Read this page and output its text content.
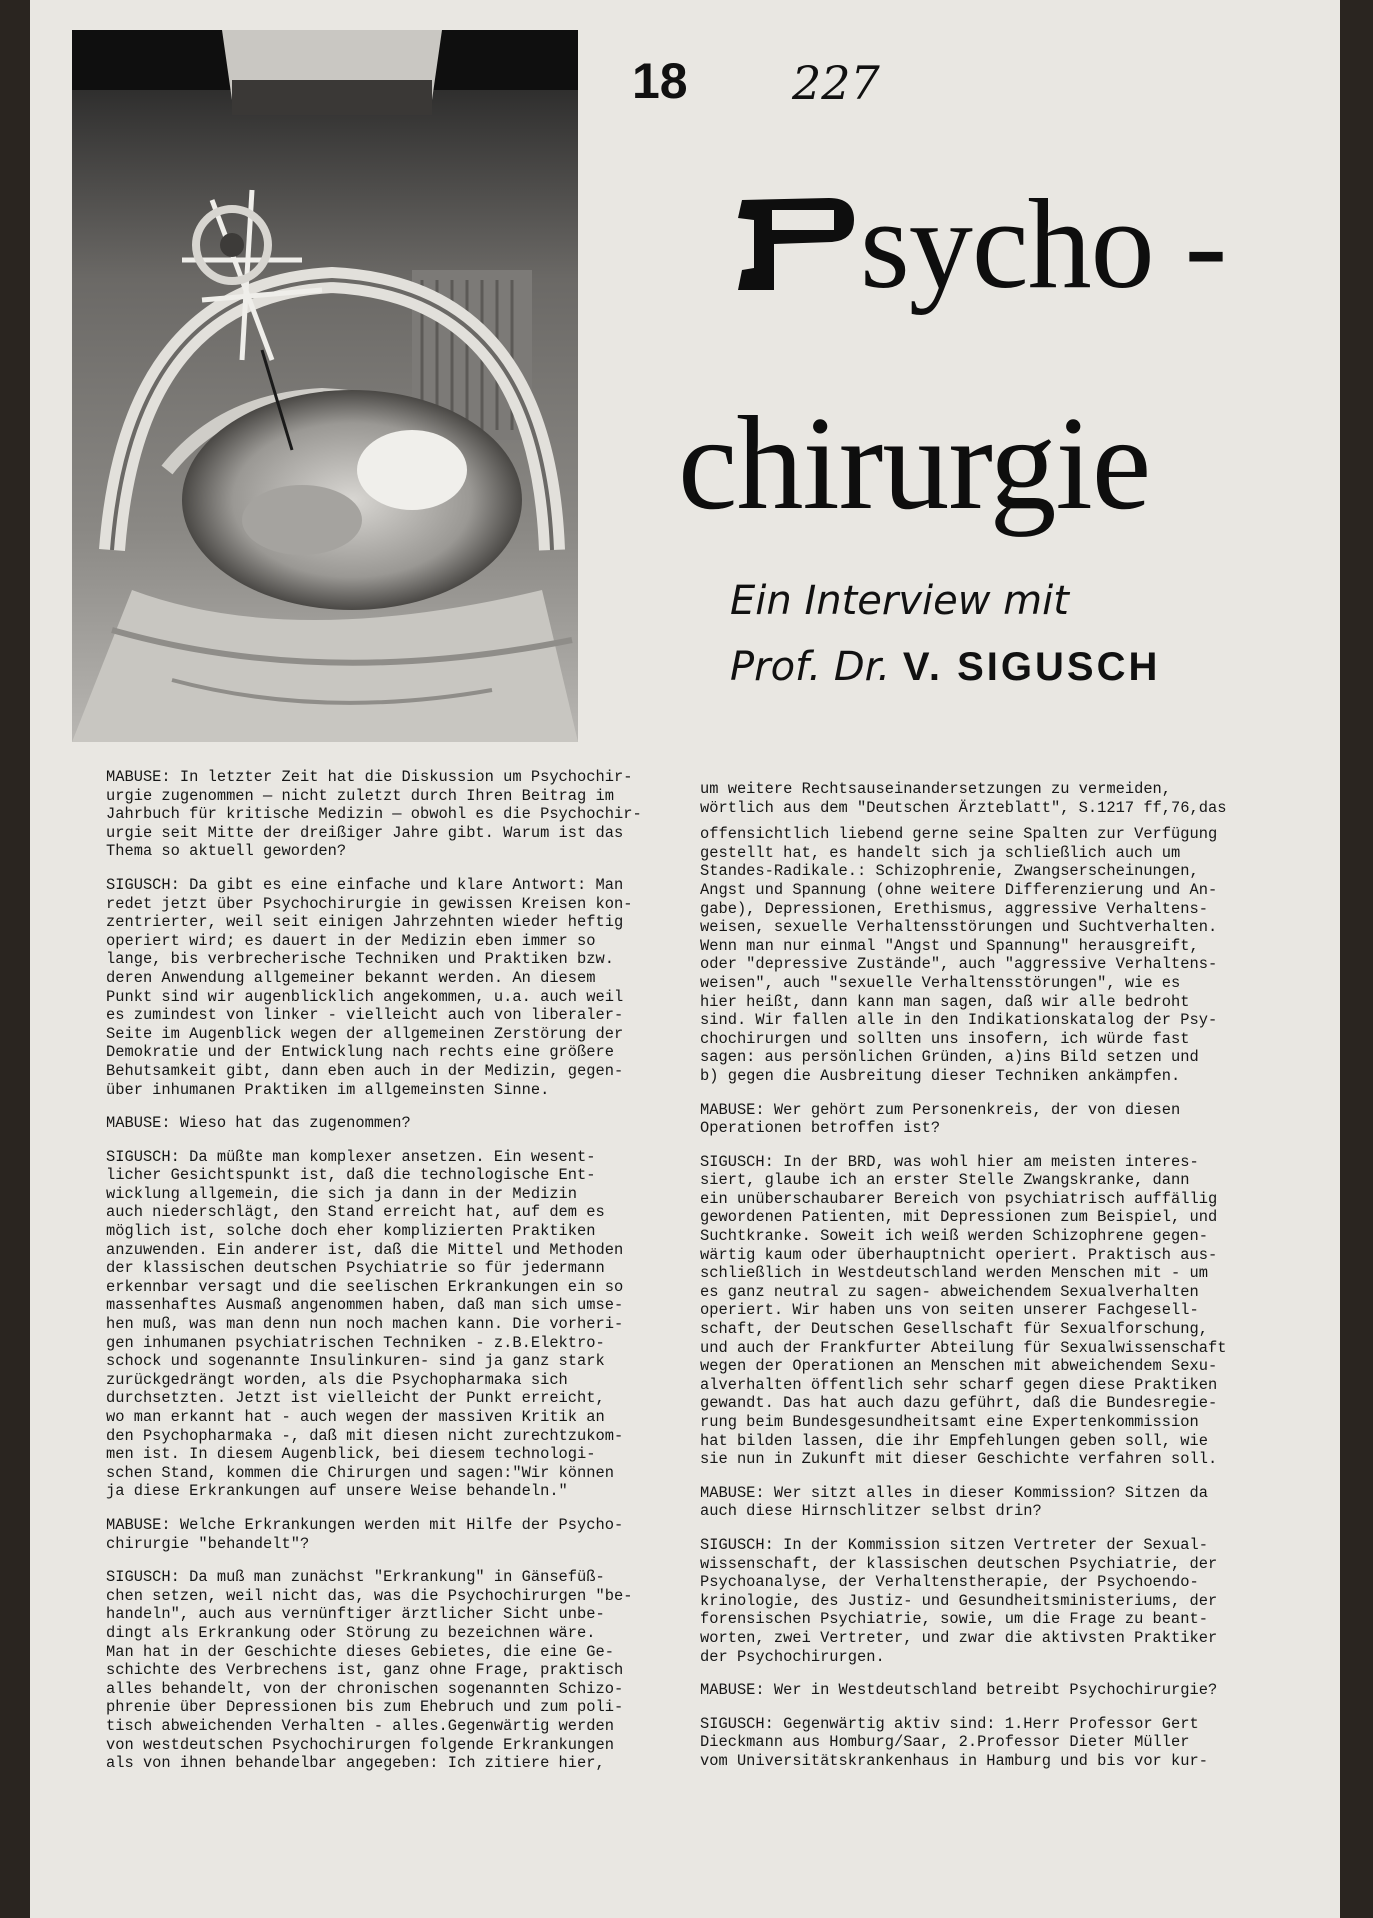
18 227
sycho -
chirurgie
Ein Interview mit
Prof. Dr. V. SIGUSCH

MABUSE: In letzter Zeit hat die Diskussion um Psychochir-
urgie zugenommen — nicht zuletzt durch Ihren Beitrag im
Jahrbuch für kritische Medizin — obwohl es die Psychochir-
urgie seit Mitte der dreißiger Jahre gibt. Warum ist das
Thema so aktuell geworden?

SIGUSCH: Da gibt es eine einfache und klare Antwort: Man
redet jetzt über Psychochirurgie in gewissen Kreisen kon-
zentrierter, weil seit einigen Jahrzehnten wieder heftig
operiert wird; es dauert in der Medizin eben immer so
lange, bis verbrecherische Techniken und Praktiken bzw.
deren Anwendung allgemeiner bekannt werden. An diesem
Punkt sind wir augenblicklich angekommen, u.a. auch weil
es zumindest von linker - vielleicht auch von liberaler-
Seite im Augenblick wegen der allgemeinen Zerstörung der
Demokratie und der Entwicklung nach rechts eine größere
Behutsamkeit gibt, dann eben auch in der Medizin, gegen-
über inhumanen Praktiken im allgemeinsten Sinne.

MABUSE: Wieso hat das zugenommen?

SIGUSCH: Da müßte man komplexer ansetzen. Ein wesent-
licher Gesichtspunkt ist, daß die technologische Ent-
wicklung allgemein, die sich ja dann in der Medizin
auch niederschlägt, den Stand erreicht hat, auf dem es
möglich ist, solche doch eher komplizierten Praktiken
anzuwenden. Ein anderer ist, daß die Mittel und Methoden
der klassischen deutschen Psychiatrie so für jedermann
erkennbar versagt und die seelischen Erkrankungen ein so
massenhaftes Ausmaß angenommen haben, daß man sich umse-
hen muß, was man denn nun noch machen kann. Die vorheri-
gen inhumanen psychiatrischen Techniken - z.B.Elektro-
schock und sogenannte Insulinkuren- sind ja ganz stark
zurückgedrängt worden, als die Psychopharmaka sich
durchsetzten. Jetzt ist vielleicht der Punkt erreicht,
wo man erkannt hat - auch wegen der massiven Kritik an
den Psychopharmaka -, daß mit diesen nicht zurechtzukom-
men ist. In diesem Augenblick, bei diesem technologi-
schen Stand, kommen die Chirurgen und sagen:"Wir können
ja diese Erkrankungen auf unsere Weise behandeln."

MABUSE: Welche Erkrankungen werden mit Hilfe der Psycho-
chirurgie "behandelt"?

SIGUSCH: Da muß man zunächst "Erkrankung" in Gänsefüß-
chen setzen, weil nicht das, was die Psychochirurgen "be-
handeln", auch aus vernünftiger ärztlicher Sicht unbe-
dingt als Erkrankung oder Störung zu bezeichnen wäre.
Man hat in der Geschichte dieses Gebietes, die eine Ge-
schichte des Verbrechens ist, ganz ohne Frage, praktisch
alles behandelt, von der chronischen sogenannten Schizo-
phrenie über Depressionen bis zum Ehebruch und zum poli-
tisch abweichenden Verhalten - alles.Gegenwärtig werden
von westdeutschen Psychochirurgen folgende Erkrankungen
als von ihnen behandelbar angegeben: Ich zitiere hier,

um weitere Rechtsauseinandersetzungen zu vermeiden,
wörtlich aus dem "Deutschen Ärzteblatt", S.1217 ff,76,das

offensichtlich liebend gerne seine Spalten zur Verfügung
gestellt hat, es handelt sich ja schließlich auch um
Standes-Radikale.: Schizophrenie, Zwangserscheinungen,
Angst und Spannung (ohne weitere Differenzierung und An-
gabe), Depressionen, Erethismus, aggressive Verhaltens-
weisen, sexuelle Verhaltensstörungen und Suchtverhalten.
Wenn man nur einmal "Angst und Spannung" herausgreift,
oder "depressive Zustände", auch "aggressive Verhaltens-
weisen", auch "sexuelle Verhaltensstörungen", wie es
hier heißt, dann kann man sagen, daß wir alle bedroht
sind. Wir fallen alle in den Indikationskatalog der Psy-
chochirurgen und sollten uns insofern, ich würde fast
sagen: aus persönlichen Gründen, a)ins Bild setzen und
b) gegen die Ausbreitung dieser Techniken ankämpfen.

MABUSE: Wer gehört zum Personenkreis, der von diesen
Operationen betroffen ist?

SIGUSCH: In der BRD, was wohl hier am meisten interes-
siert, glaube ich an erster Stelle Zwangskranke, dann
ein unüberschaubarer Bereich von psychiatrisch auffällig
gewordenen Patienten, mit Depressionen zum Beispiel, und
Suchtkranke. Soweit ich weiß werden Schizophrene gegen-
wärtig kaum oder überhauptnicht operiert. Praktisch aus-
schließlich in Westdeutschland werden Menschen mit - um
es ganz neutral zu sagen- abweichendem Sexualverhalten
operiert. Wir haben uns von seiten unserer Fachgesell-
schaft, der Deutschen Gesellschaft für Sexualforschung,
und auch der Frankfurter Abteilung für Sexualwissenschaft
wegen der Operationen an Menschen mit abweichendem Sexu-
alverhalten öffentlich sehr scharf gegen diese Praktiken
gewandt. Das hat auch dazu geführt, daß die Bundesregie-
rung beim Bundesgesundheitsamt eine Expertenkommission
hat bilden lassen, die ihr Empfehlungen geben soll, wie
sie nun in Zukunft mit dieser Geschichte verfahren soll.

MABUSE: Wer sitzt alles in dieser Kommission? Sitzen da
auch diese Hirnschlitzer selbst drin?

SIGUSCH: In der Kommission sitzen Vertreter der Sexual-
wissenschaft, der klassischen deutschen Psychiatrie, der
Psychoanalyse, der Verhaltenstherapie, der Psychoendo-
krinologie, des Justiz- und Gesundheitsministeriums, der
forensischen Psychiatrie, sowie, um die Frage zu beant-
worten, zwei Vertreter, und zwar die aktivsten Praktiker
der Psychochirurgen.

MABUSE: Wer in Westdeutschland betreibt Psychochirurgie?

SIGUSCH: Gegenwärtig aktiv sind: 1.Herr Professor Gert
Dieckmann aus Homburg/Saar, 2.Professor Dieter Müller
vom Universitätskrankenhaus in Hamburg und bis vor kur-
